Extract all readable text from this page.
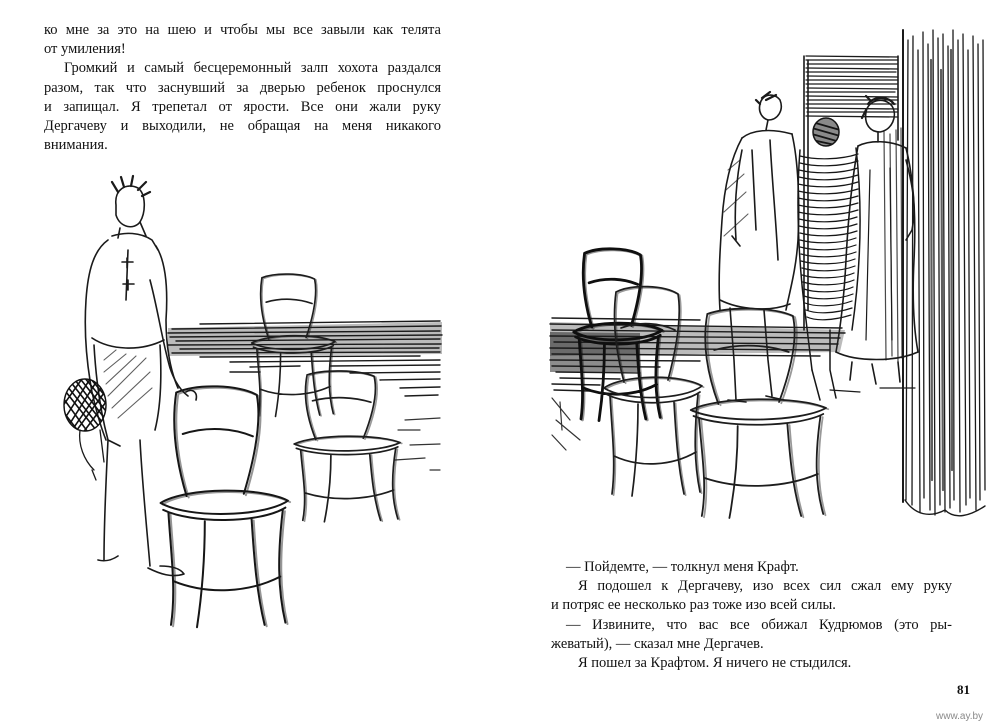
ко мне за это на шею и чтобы мы все завыли как телята
от умиления!
Громкий и самый бесцеремонный залп хохота раздался
разом, так что заснувший за дверью ребенок проснулся
и запищал. Я трепетал от ярости. Все они жали руку
Дергачеву и выходили, не обращая на меня никакого
внимания.
— Пойдемте, — толкнул меня Крафт.
Я подошел к Дергачеву, изо всех сил сжал ему руку
и потряс ее несколько раз тоже изо всей силы.
— Извините, что вас все обижал Кудрюмов (это ры-
жеватый), — сказал мне Дергачев.
Я пошел за Крафтом. Я ничего не стыдился.
81
www.ay.by
